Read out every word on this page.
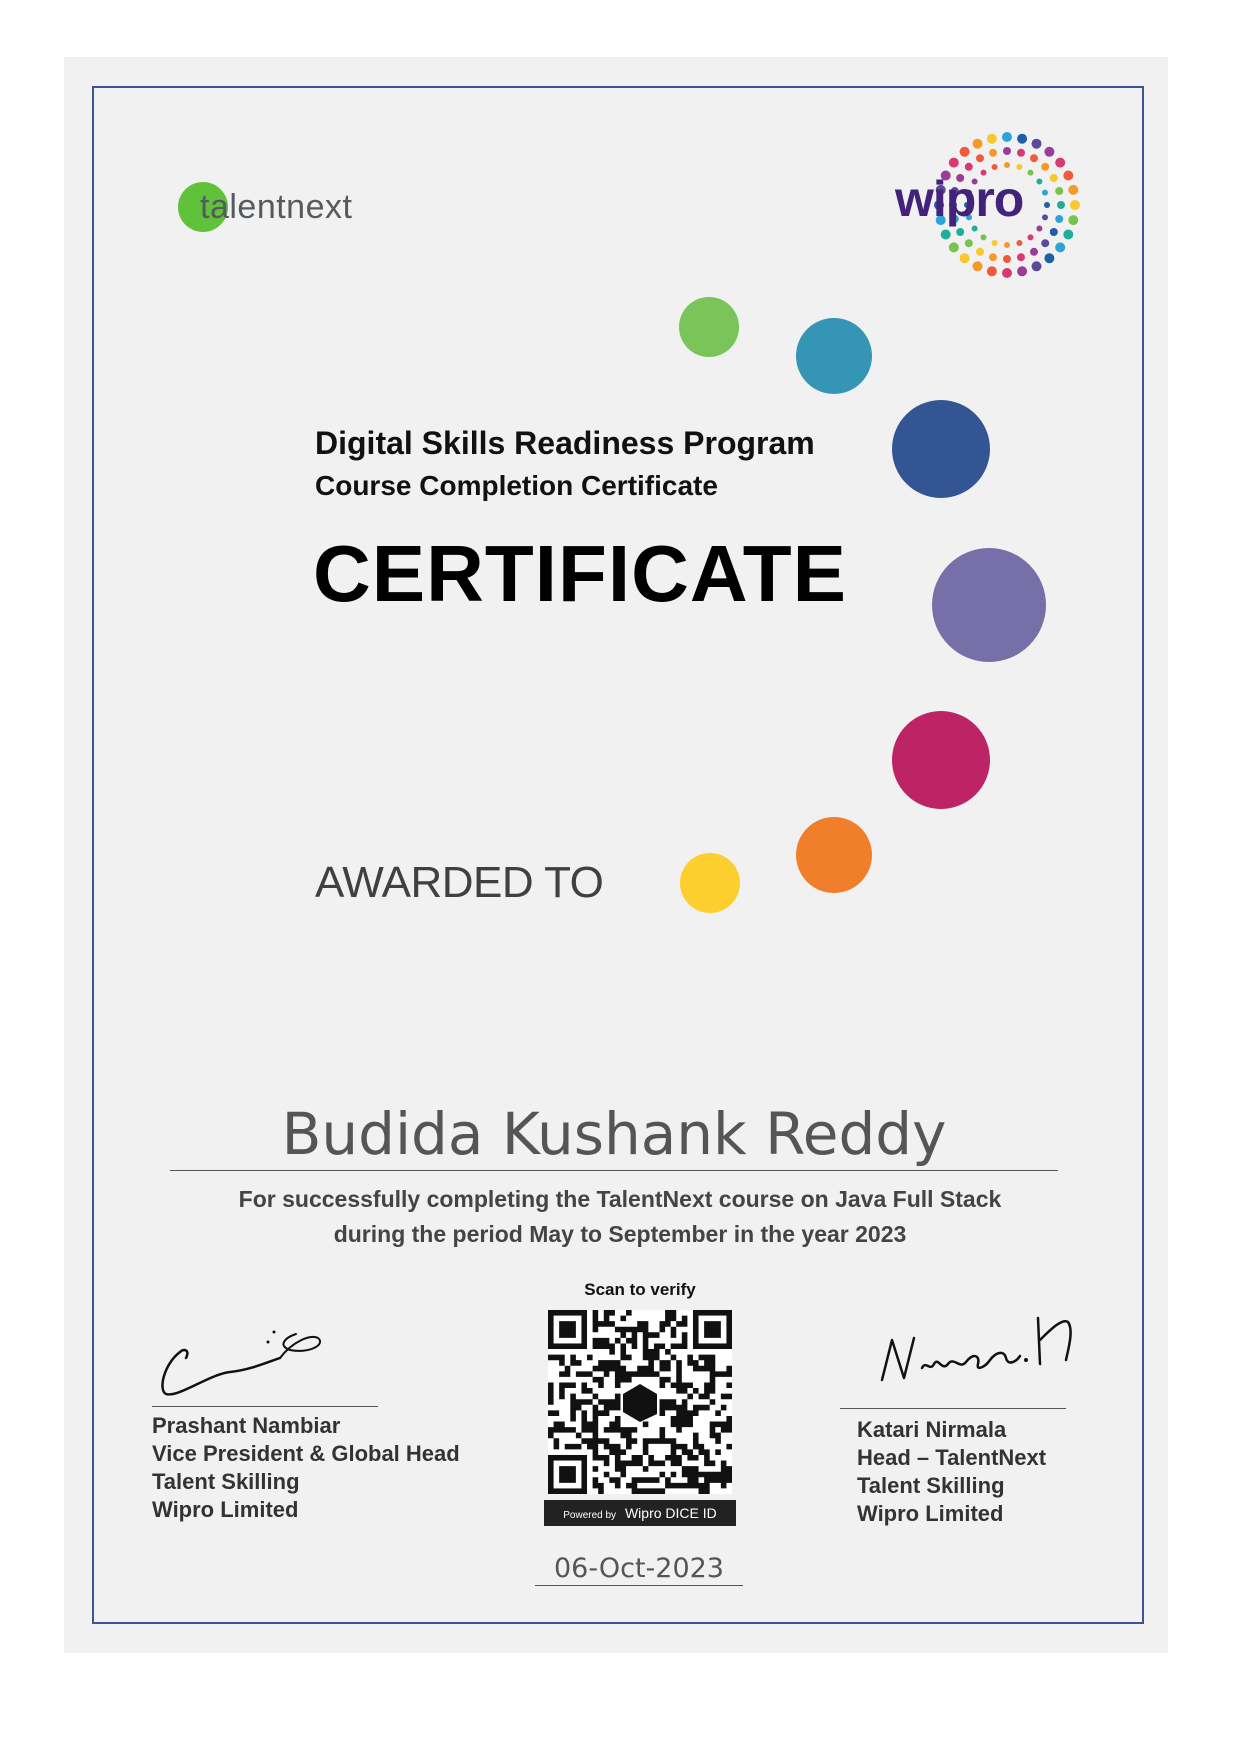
talentnext	wipro
Digital Skills Readiness Program
Course Completion Certificate
CERTIFICATE
AWARDED TO
Budida Kushank Reddy
For successfully completing the TalentNext course on Java Full Stack
during the period May to September in the year 2023
Prashant Nambiar
Vice President & Global Head
Talent Skilling
Wipro Limited
Scan to verify
Powered by Wipro DICE ID
06-Oct-2023
Katari Nirmala
Head – TalentNext
Talent Skilling
Wipro Limited
